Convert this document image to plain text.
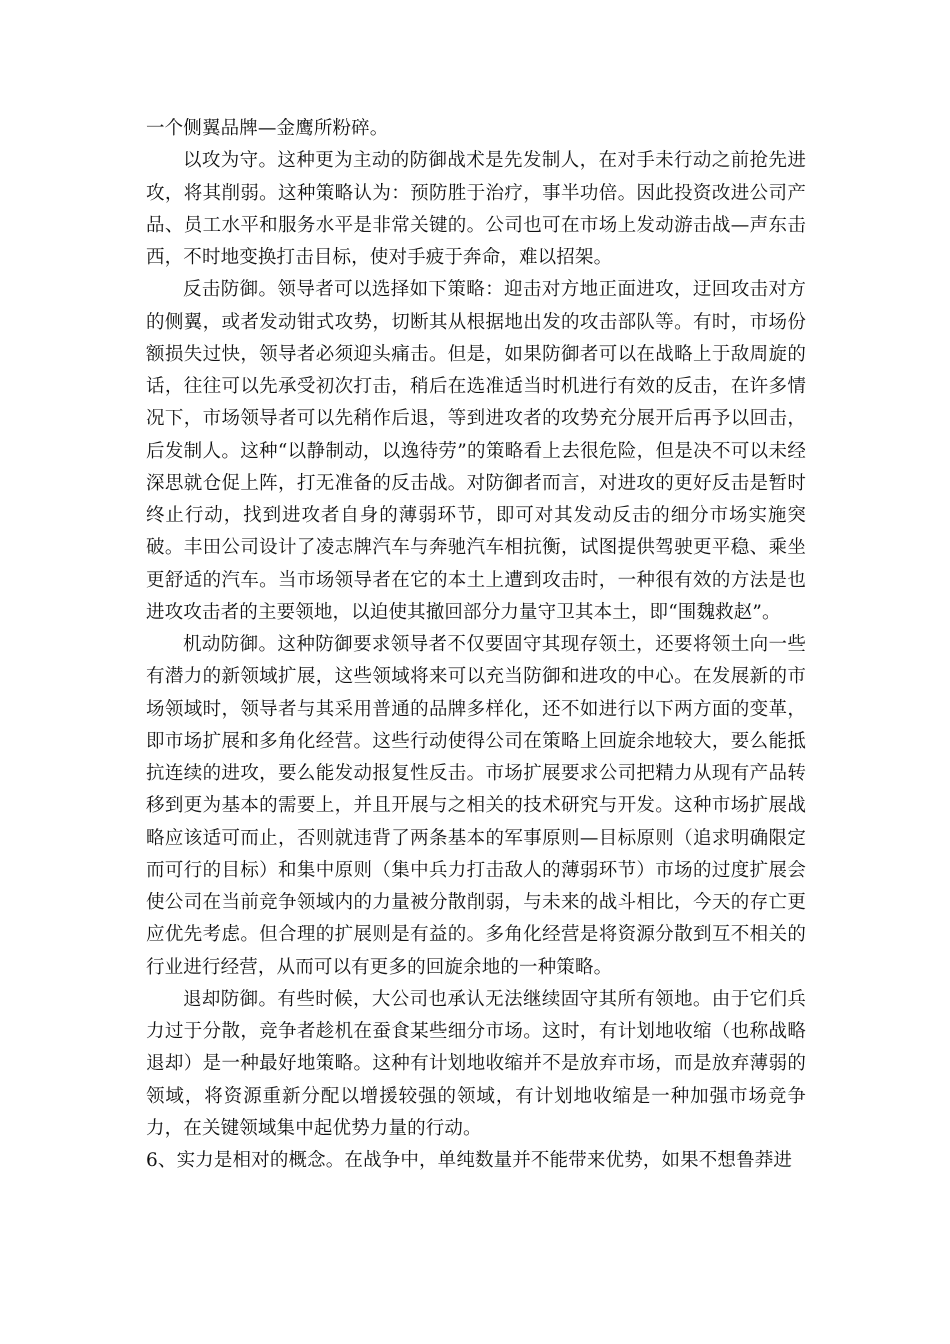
一个侧翼品牌—金鹰所粉碎。

以攻为守。这种更为主动的防御战术是先发制人，在对手未行动之前抢先进攻，将其削弱。这种策略认为：预防胜于治疗，事半功倍。因此投资改进公司产品、员工水平和服务水平是非常关键的。公司也可在市场上发动游击战—声东击西，不时地变换打击目标，使对手疲于奔命，难以招架。

反击防御。领导者可以选择如下策略：迎击对方地正面进攻，迂回攻击对方的侧翼，或者发动钳式攻势，切断其从根据地出发的攻击部队等。有时，市场份额损失过快，领导者必须迎头痛击。但是，如果防御者可以在战略上于敌周旋的话，往往可以先承受初次打击，稍后在选准适当时机进行有效的反击，在许多情况下，市场领导者可以先稍作后退，等到进攻者的攻势充分展开后再予以回击，后发制人。这种“以静制动，以逸待劳”的策略看上去很危险，但是决不可以未经深思就仓促上阵，打无准备的反击战。对防御者而言，对进攻的更好反击是暂时终止行动，找到进攻者自身的薄弱环节，即可对其发动反击的细分市场实施突破。丰田公司设计了凌志牌汽车与奔驰汽车相抗衡，试图提供驾驶更平稳、乘坐更舒适的汽车。当市场领导者在它的本土上遭到攻击时，一种很有效的方法是也进攻攻击者的主要领地，以迫使其撤回部分力量守卫其本土，即“围魏救赵”。

机动防御。这种防御要求领导者不仅要固守其现存领土，还要将领土向一些有潜力的新领域扩展，这些领域将来可以充当防御和进攻的中心。在发展新的市场领域时，领导者与其采用普通的品牌多样化，还不如进行以下两方面的变革，即市场扩展和多角化经营。这些行动使得公司在策略上回旋余地较大，要么能抵抗连续的进攻，要么能发动报复性反击。市场扩展要求公司把精力从现有产品转移到更为基本的需要上，并且开展与之相关的技术研究与开发。这种市场扩展战略应该适可而止，否则就违背了两条基本的军事原则—目标原则（追求明确限定而可行的目标）和集中原则（集中兵力打击敌人的薄弱环节）市场的过度扩展会使公司在当前竞争领域内的力量被分散削弱，与未来的战斗相比，今天的存亡更应优先考虑。但合理的扩展则是有益的。多角化经营是将资源分散到互不相关的行业进行经营，从而可以有更多的回旋余地的一种策略。

退却防御。有些时候，大公司也承认无法继续固守其所有领地。由于它们兵力过于分散，竞争者趁机在蚕食某些细分市场。这时，有计划地收缩（也称战略退却）是一种最好地策略。这种有计划地收缩并不是放弃市场，而是放弃薄弱的领域，将资源重新分配以增援较强的领域，有计划地收缩是一种加强市场竞争力，在关键领域集中起优势力量的行动。

6、实力是相对的概念。在战争中，单纯数量并不能带来优势，如果不想鲁莽进
